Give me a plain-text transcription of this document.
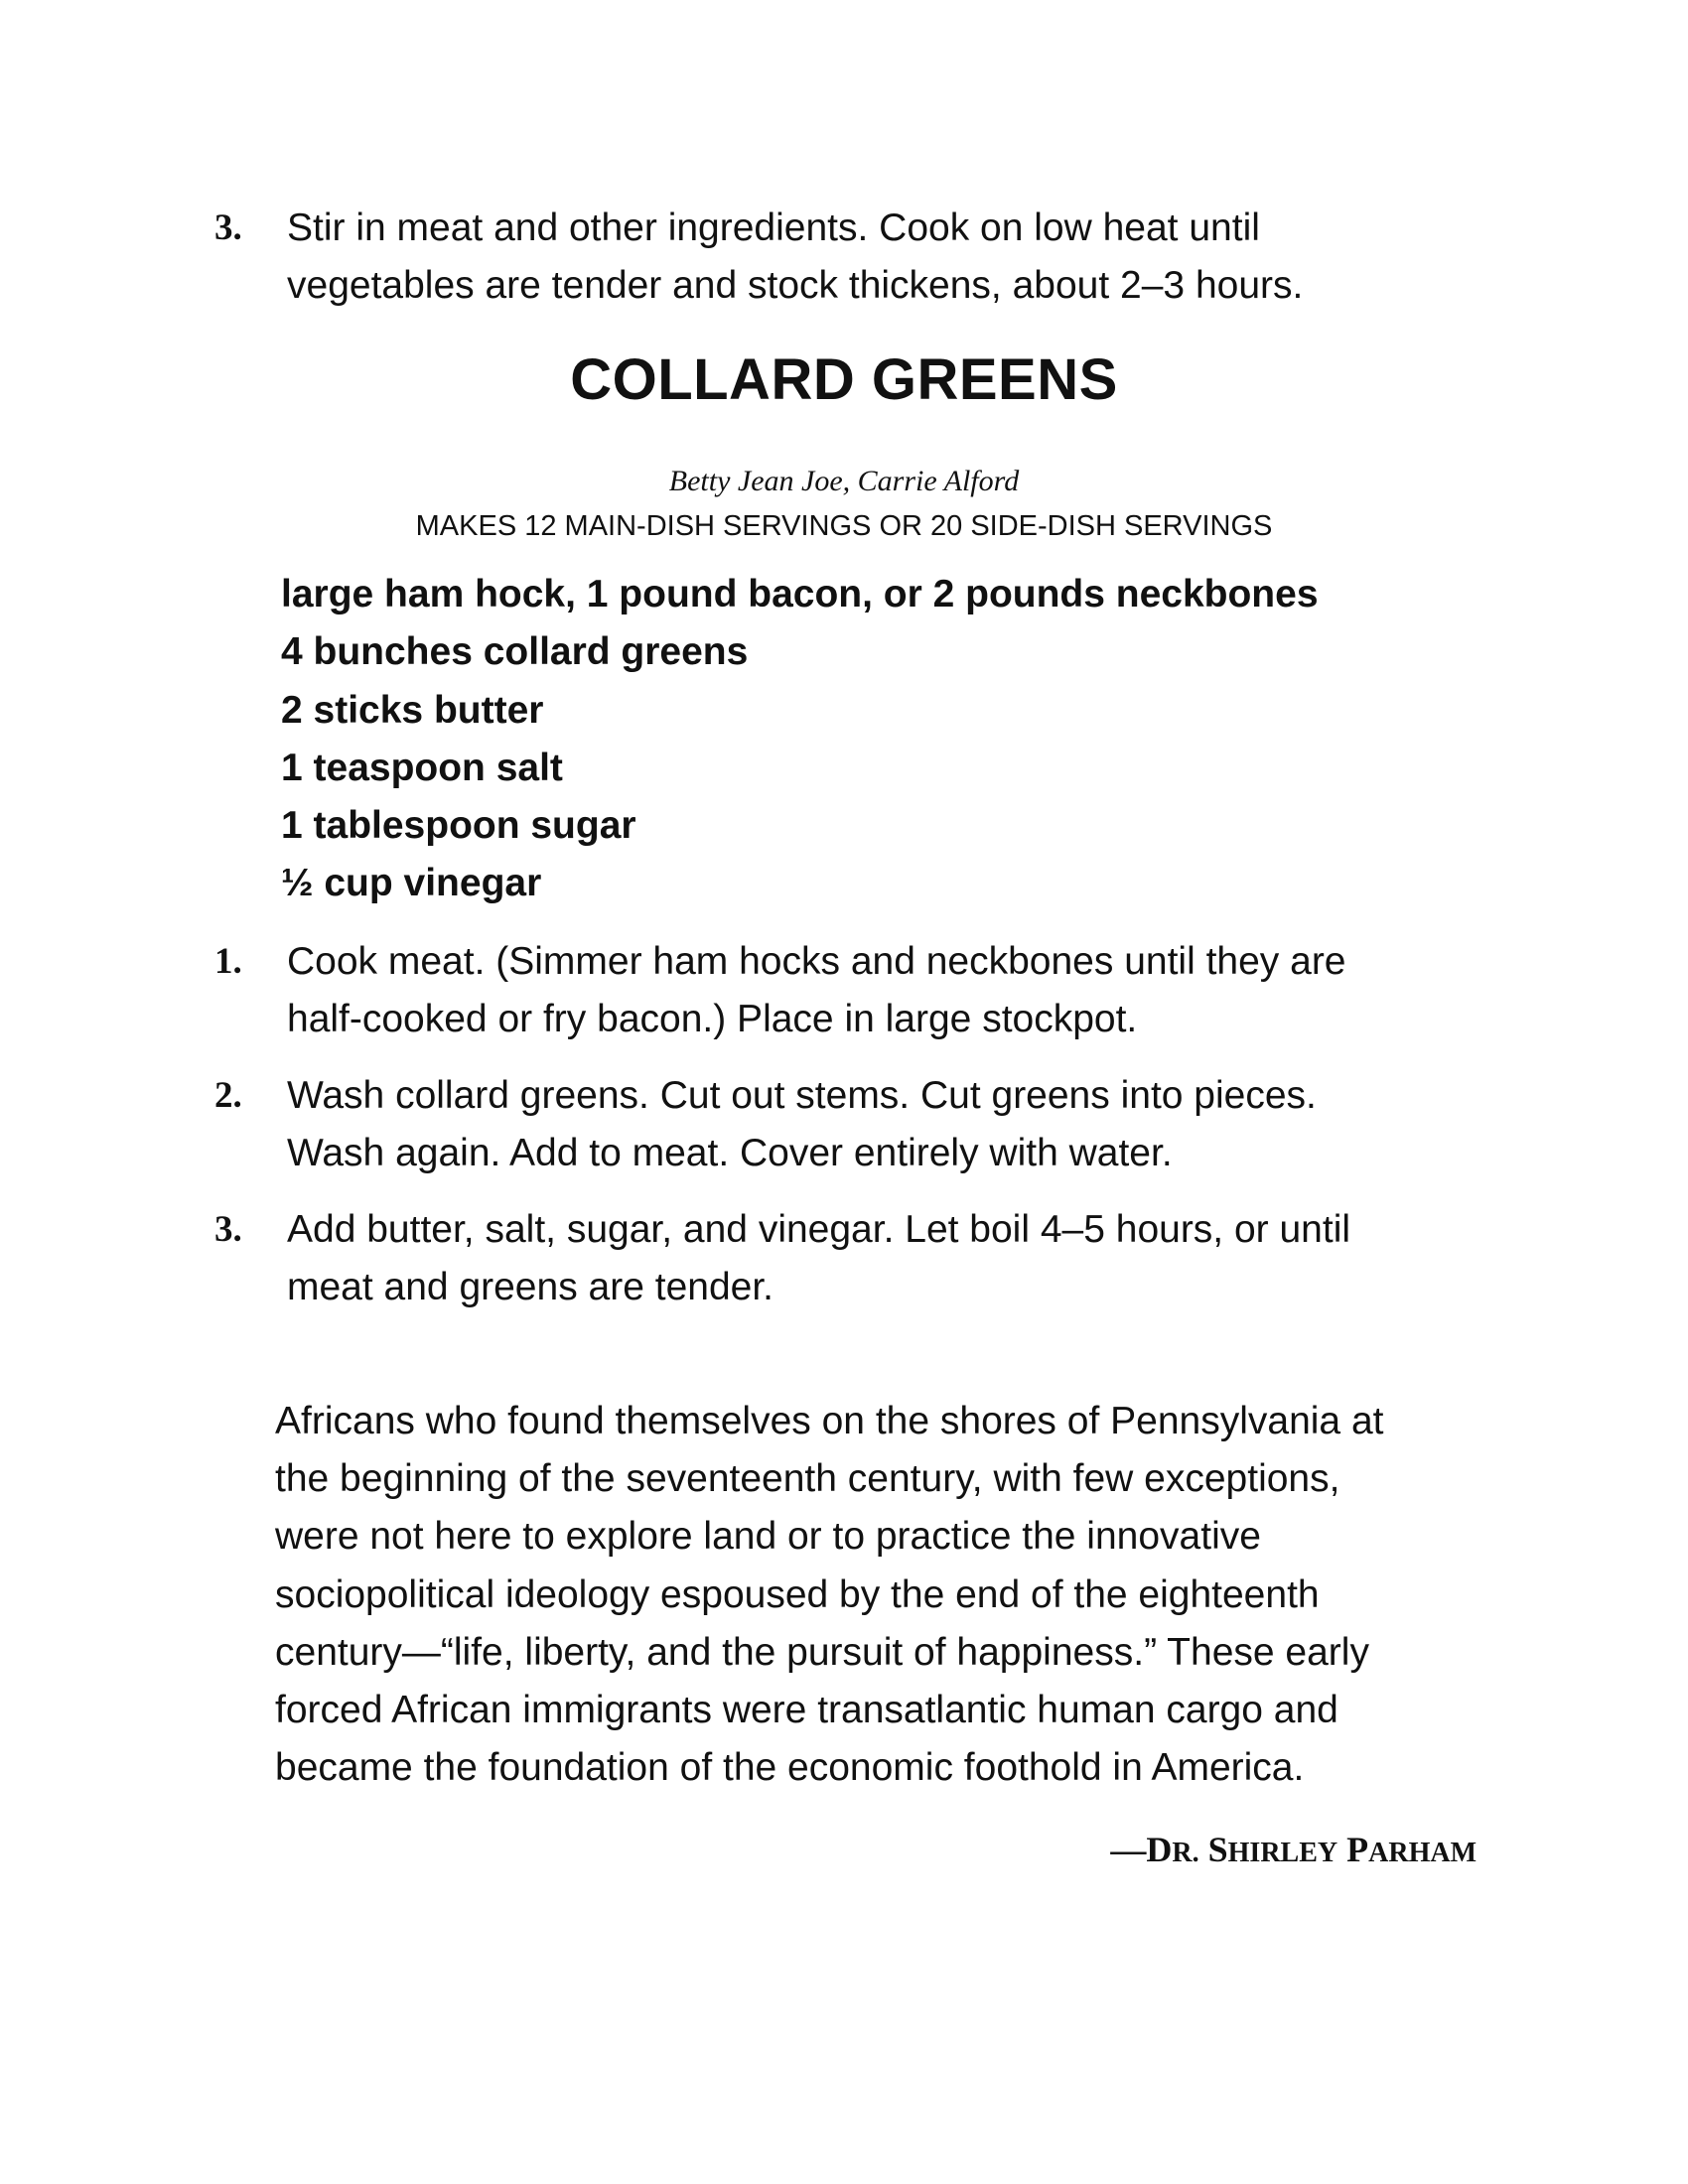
3. Stir in meat and other ingredients. Cook on low heat until
vegetables are tender and stock thickens, about 2–3 hours.
COLLARD GREENS
Betty Jean Joe, Carrie Alford
MAKES 12 MAIN-DISH SERVINGS OR 20 SIDE-DISH SERVINGS
large ham hock, 1 pound bacon, or 2 pounds neckbones
4 bunches collard greens
2 sticks butter
1 teaspoon salt
1 tablespoon sugar
½ cup vinegar
1. Cook meat. (Simmer ham hocks and neckbones until they are
half-cooked or fry bacon.) Place in large stockpot.
2. Wash collard greens. Cut out stems. Cut greens into pieces.
Wash again. Add to meat. Cover entirely with water.
3. Add butter, salt, sugar, and vinegar. Let boil 4–5 hours, or until
meat and greens are tender.
Africans who found themselves on the shores of Pennsylvania at
the beginning of the seventeenth century, with few exceptions,
were not here to explore land or to practice the innovative
sociopolitical ideology espoused by the end of the eighteenth
century—“life, liberty, and the pursuit of happiness.” These early
forced African immigrants were transatlantic human cargo and
became the foundation of the economic foothold in America.
—DR. SHIRLEY PARHAM
